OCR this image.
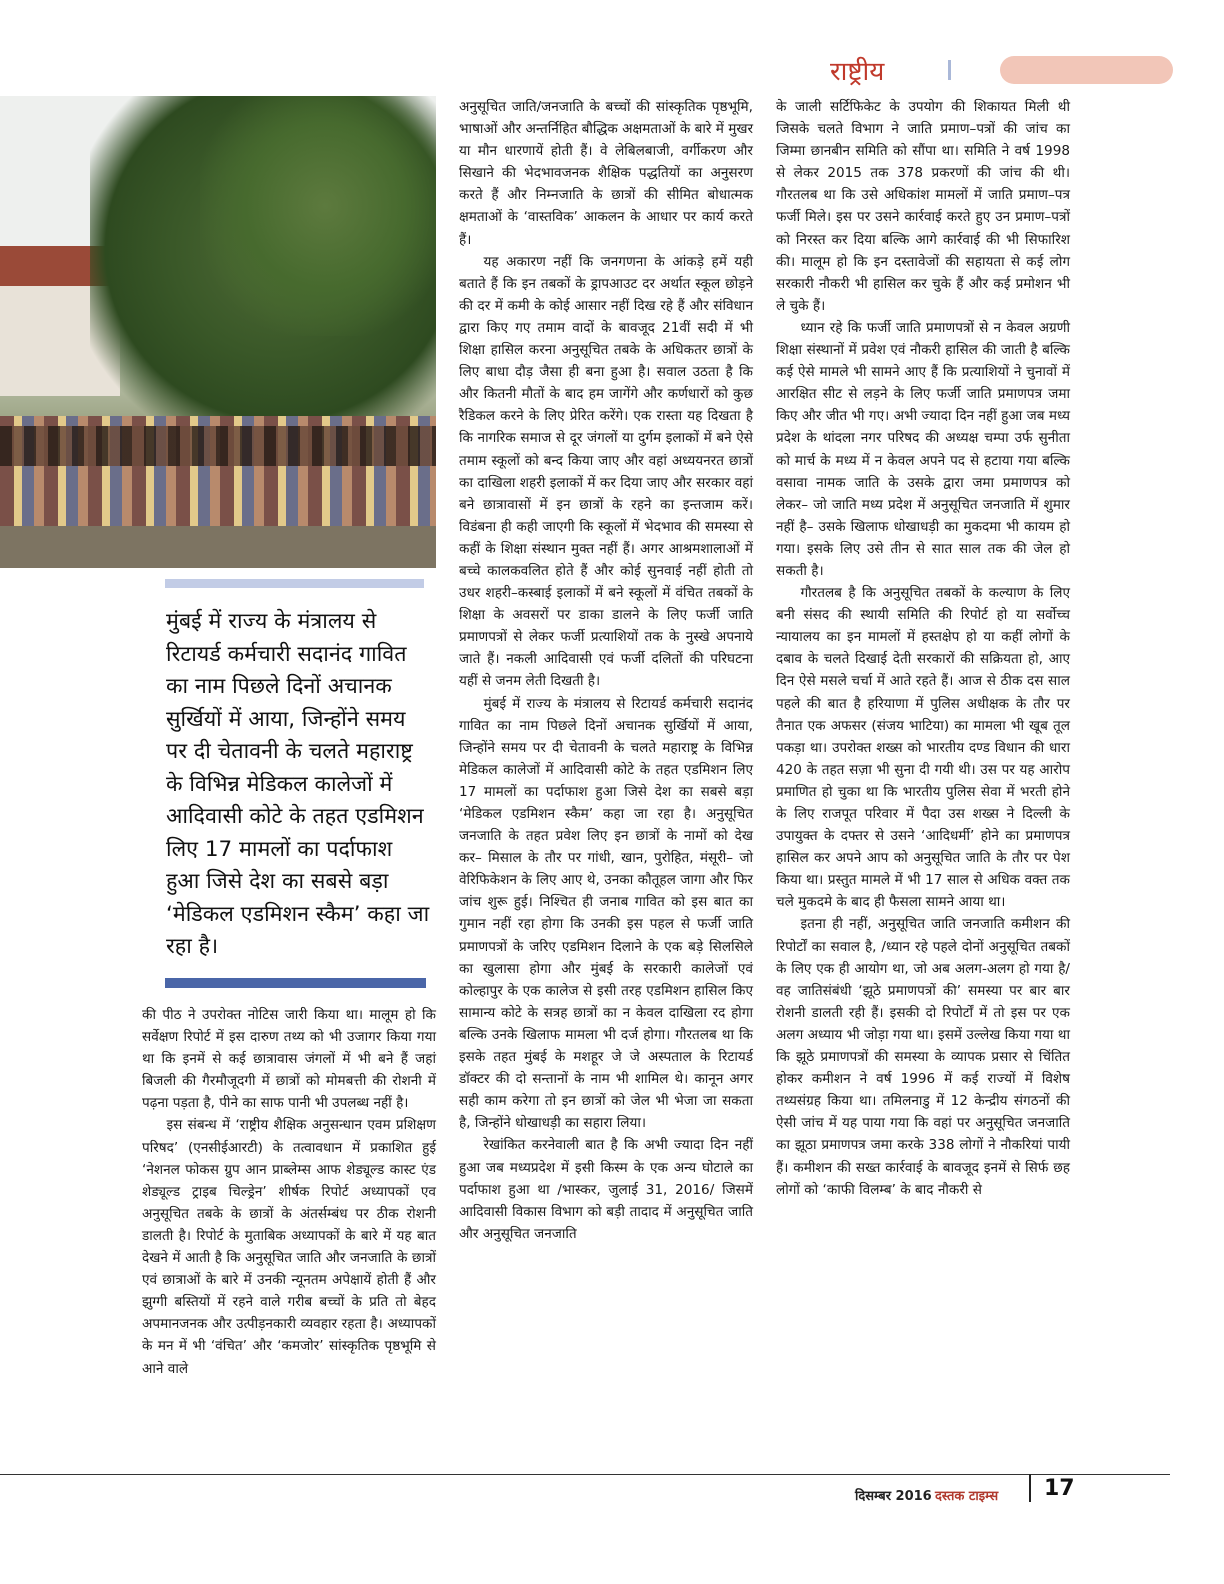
राष्ट्रीय
मुंबई में राज्य के मंत्रालय से रिटायर्ड कर्मचारी सदानंद गावित का नाम पिछले दिनों अचानक सुर्खियों में आया, जिन्होंने समय पर दी चेतावनी के चलते महाराष्ट्र के विभिन्न मेडिकल कालेजों में आदिवासी कोटे के तहत एडमिशन लिए 17 मामलों का पर्दाफाश हुआ जिसे देश का सबसे बड़ा ‘मेडिकल एडमिशन स्कैम’ कहा जा रहा है।

की पीठ ने उपरोक्त नोटिस जारी किया था। मालूम हो कि सर्वेक्षण रिपोर्ट में इस दारुण तथ्य को भी उजागर किया गया था कि इनमें से कई छात्रावास जंगलों में भी बने हैं जहां बिजली की गैरमौजूदगी में छात्रों को मोमबत्ती की रोशनी में पढ़ना पड़ता है, पीने का साफ पानी भी उपलब्ध नहीं है।

इस संबन्ध में ‘राष्ट्रीय शैक्षिक अनुसन्धान एवम प्रशिक्षण परिषद’ (एनसीईआरटी) के तत्वावधान में प्रकाशित हुई ‘नेशनल फोकस ग्रुप आन प्राब्लेम्स आफ शेड्यूल्ड कास्ट एंड शेड्यूल्ड ट्राइब चिल्ड्रेन’ शीर्षक रिपोर्ट अध्यापकों एव अनुसूचित तबके के छात्रों के अंतर्सम्बंध पर ठीक रोशनी डालती है। रिपोर्ट के मुताबिक अध्यापकों के बारे में यह बात देखने में आती है कि अनुसूचित जाति और जनजाति के छात्रों एवं छात्राओं के बारे में उनकी न्यूनतम अपेक्षायें होती हैं और झुग्गी बस्तियों में रहने वाले गरीब बच्चों के प्रति तो बेहद अपमानजनक और उत्पीड़नकारी व्यवहार रहता है। अध्यापकों के मन में भी ‘वंचित’ और ‘कमजोर’ सांस्कृतिक पृष्ठभूमि से आने वाले

अनुसूचित जाति/जनजाति के बच्चों की सांस्कृतिक पृष्ठभूमि, भाषाओं और अन्तर्निहित बौद्धिक अक्षमताओं के बारे में मुखर या मौन धारणायें होती हैं। वे लेबिलबाजी, वर्गीकरण और सिखाने की भेदभावजनक शैक्षिक पद्धतियों का अनुसरण करते हैं और निम्नजाति के छात्रों की सीमित बोधात्मक क्षमताओं के ‘वास्तविक’ आकलन के आधार पर कार्य करते हैं।

यह अकारण नहीं कि जनगणना के आंकड़े हमें यही बताते हैं कि इन तबकों के ड्रापआउट दर अर्थात स्कूल छोड़ने की दर में कमी के कोई आसार नहीं दिख रहे हैं और संविधान द्वारा किए गए तमाम वादों के बावजूद 21वीं सदी में भी शिक्षा हासिल करना अनुसूचित तबके के अधिकतर छात्रों के लिए बाधा दौड़ जैसा ही बना हुआ है। सवाल उठता है कि और कितनी मौतों के बाद हम जागेंगे और कर्णधारों को कुछ रैडिकल करने के लिए प्रेरित करेंगे। एक रास्ता यह दिखता है कि नागरिक समाज से दूर जंगलों या दुर्गम इलाकों में बने ऐसे तमाम स्कूलों को बन्द किया जाए और वहां अध्ययनरत छात्रों का दाखिला शहरी इलाकों में कर दिया जाए और सरकार वहां बने छात्रावासों में इन छात्रों के रहने का इन्तजाम करें। विडंबना ही कही जाएगी कि स्कूलों में भेदभाव की समस्या से कहीं के शिक्षा संस्थान मुक्त नहीं हैं। अगर आश्रमशालाओं में बच्चे कालकवलित होते हैं और कोई सुनवाई नहीं होती तो उधर शहरी–कस्बाई इलाकों में बने स्कूलों में वंचित तबकों के शिक्षा के अवसरों पर डाका डालने के लिए फर्जी जाति प्रमाणपत्रों से लेकर फर्जी प्रत्याशियों तक के नुस्खे अपनाये जाते हैं। नकली आदिवासी एवं फर्जी दलितों की परिघटना यहीं से जनम लेती दिखती है।

मुंबई में राज्य के मंत्रालय से रिटायर्ड कर्मचारी सदानंद गावित का नाम पिछले दिनों अचानक सुर्खियों में आया, जिन्होंने समय पर दी चेतावनी के चलते महाराष्ट्र के विभिन्न मेडिकल कालेजों में आदिवासी कोटे के तहत एडमिशन लिए 17 मामलों का पर्दाफाश हुआ जिसे देश का सबसे बड़ा ‘मेडिकल एडमिशन स्कैम’ कहा जा रहा है। अनुसूचित जनजाति के तहत प्रवेश लिए इन छात्रों के नामों को देख कर– मिसाल के तौर पर गांधी, खान, पुरोहित, मंसूरी– जो वेरिफिकेशन के लिए आए थे, उनका कौतूहल जागा और फिर जांच शुरू हुई। निश्चित ही जनाब गावित को इस बात का गुमान नहीं रहा होगा कि उनकी इस पहल से फर्जी जाति प्रमाणपत्रों के जरिए एडमिशन दिलाने के एक बड़े सिलसिले का खुलासा होगा और मुंबई के सरकारी कालेजों एवं कोल्हापुर के एक कालेज से इसी तरह एडमिशन हासिल किए सामान्य कोटे के सत्रह छात्रों का न केवल दाखिला रद होगा बल्कि उनके खिलाफ मामला भी दर्ज होगा। गौरतलब था कि इसके तहत मुंबई के मशहूर जे जे अस्पताल के रिटायर्ड डॉक्टर की दो सन्तानों के नाम भी शामिल थे। कानून अगर सही काम करेगा तो इन छात्रों को जेल भी भेजा जा सकता है, जिन्होंने धोखाधड़ी का सहारा लिया।

रेखांकित करनेवाली बात है कि अभी ज्यादा दिन नहीं हुआ जब मध्यप्रदेश में इसी किस्म के एक अन्य घोटाले का पर्दाफाश हुआ था /भास्कर, जुलाई 31, 2016/ जिसमें आदिवासी विकास विभाग को बड़ी तादाद में अनुसूचित जाति और अनुसूचित जनजाति

के जाली सर्टिफिकेट के उपयोग की शिकायत मिली थी जिसके चलते विभाग ने जाति प्रमाण–पत्रों की जांच का जिम्मा छानबीन समिति को सौंपा था। समिति ने वर्ष 1998 से लेकर 2015 तक 378 प्रकरणों की जांच की थी। गौरतलब था कि उसे अधिकांश मामलों में जाति प्रमाण–पत्र फर्जी मिले। इस पर उसने कार्रवाई करते हुए उन प्रमाण–पत्रों को निरस्त कर दिया बल्कि आगे कार्रवाई की भी सिफारिश की। मालूम हो कि इन दस्तावेजों की सहायता से कई लोग सरकारी नौकरी भी हासिल कर चुके हैं और कई प्रमोशन भी ले चुके हैं।

ध्यान रहे कि फर्जी जाति प्रमाणपत्रों से न केवल अग्रणी शिक्षा संस्थानों में प्रवेश एवं नौकरी हासिल की जाती है बल्कि कई ऐसे मामले भी सामने आए हैं कि प्रत्याशियों ने चुनावों में आरक्षित सीट से लड़ने के लिए फर्जी जाति प्रमाणपत्र जमा किए और जीत भी गए। अभी ज्यादा दिन नहीं हुआ जब मध्य प्रदेश के थांदला नगर परिषद की अध्यक्ष चम्पा उर्फ सुनीता को मार्च के मध्य में न केवल अपने पद से हटाया गया बल्कि वसावा नामक जाति के उसके द्वारा जमा प्रमाणपत्र को लेकर– जो जाति मध्य प्रदेश में अनुसूचित जनजाति में शुमार नहीं है– उसके खिलाफ धोखाधड़ी का मुकदमा भी कायम हो गया। इसके लिए उसे तीन से सात साल तक की जेल हो सकती है।

गौरतलब है कि अनुसूचित तबकों के कल्याण के लिए बनी संसद की स्थायी समिति की रिपोर्ट हो या सर्वोच्च न्यायालय का इन मामलों में हस्तक्षेप हो या कहीं लोगों के दबाव के चलते दिखाई देती सरकारों की सक्रियता हो, आए दिन ऐसे मसले चर्चा में आते रहते हैं। आज से ठीक दस साल पहले की बात है हरियाणा में पुलिस अधीक्षक के तौर पर तैनात एक अफसर (संजय भाटिया) का मामला भी खूब तूल पकड़ा था। उपरोक्त शख्स को भारतीय दण्ड विधान की धारा 420 के तहत सज़ा भी सुना दी गयी थी। उस पर यह आरोप प्रमाणित हो चुका था कि भारतीय पुलिस सेवा में भरती होने के लिए राजपूत परिवार में पैदा उस शख्स ने दिल्ली के उपायुक्त के दफ्तर से उसने ‘आदिधर्मी’ होने का प्रमाणपत्र हासिल कर अपने आप को अनुसूचित जाति के तौर पर पेश किया था। प्रस्तुत मामले में भी 17 साल से अधिक वक्त तक चले मुकदमे के बाद ही फैसला सामने आया था।

इतना ही नहीं, अनुसूचित जाति जनजाति कमीशन की रिपोर्टों का सवाल है, /ध्यान रहे पहले दोनों अनुसूचित तबकों के लिए एक ही आयोग था, जो अब अलग-अलग हो गया है/ वह जातिसंबंधी ‘झूठे प्रमाणपत्रों की’ समस्या पर बार बार रोशनी डालती रही हैं। इसकी दो रिपोर्टों में तो इस पर एक अलग अध्याय भी जोड़ा गया था। इसमें उल्लेख किया गया था कि झूठे प्रमाणपत्रों की समस्या के व्यापक प्रसार से चिंतित होकर कमीशन ने वर्ष 1996 में कई राज्यों में विशेष तथ्यसंग्रह किया था। तमिलनाडु में 12 केन्द्रीय संगठनों की ऐसी जांच में यह पाया गया कि वहां पर अनुसूचित जनजाति का झूठा प्रमाणपत्र जमा करके 338 लोगों ने नौकरियां पायी हैं। कमीशन की सख्त कार्रवाई के बावजूद इनमें से सिर्फ छह लोगों को ‘काफी विलम्ब’ के बाद नौकरी से

दिसम्बर 2016 दस्तक टाइम्स 17
